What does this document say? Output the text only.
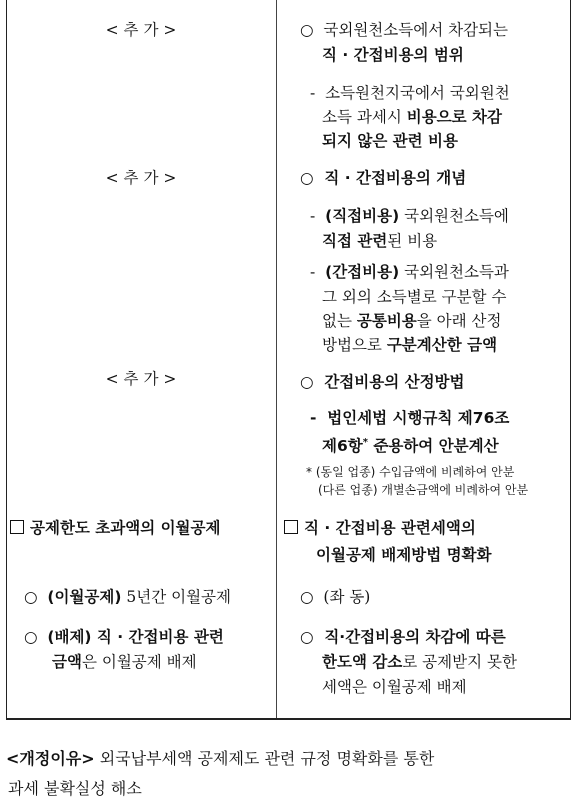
< 추 가 >
< 추 가 >
< 추 가 >
공제한도 초과액의 이월공제
○ (이월공제) 5년간 이월공제
○ (배제) 직 · 간접비용 관련
금액은 이월공제 배제
○ 국외원천소득에서 차감되는
직 · 간접비용의 범위
- 소득원천지국에서 국외원천
소득 과세시 비용으로 차감
되지 않은 관련 비용
○ 직 · 간접비용의 개념
- (직접비용) 국외원천소득에
직접 관련된 비용
- (간접비용) 국외원천소득과
그 외의 소득별로 구분할 수
없는 공통비용을 아래 산정
방법으로 구분계산한 금액
○ 간접비용의 산정방법
- 법인세법 시행규칙 제76조
제6항* 준용하여 안분계산
* (동일 업종) 수입금액에 비례하여 안분
(다른 업종) 개별손금액에 비례하여 안분
직 · 간접비용 관련세액의
이월공제 배제방법 명확화
○ (좌 동)
○ 직·간접비용의 차감에 따른
한도액 감소로 공제받지 못한
세액은 이월공제 배제
<개정이유> 외국납부세액 공제제도 관련 규정 명확화를 통한
과세 불확실성 해소
